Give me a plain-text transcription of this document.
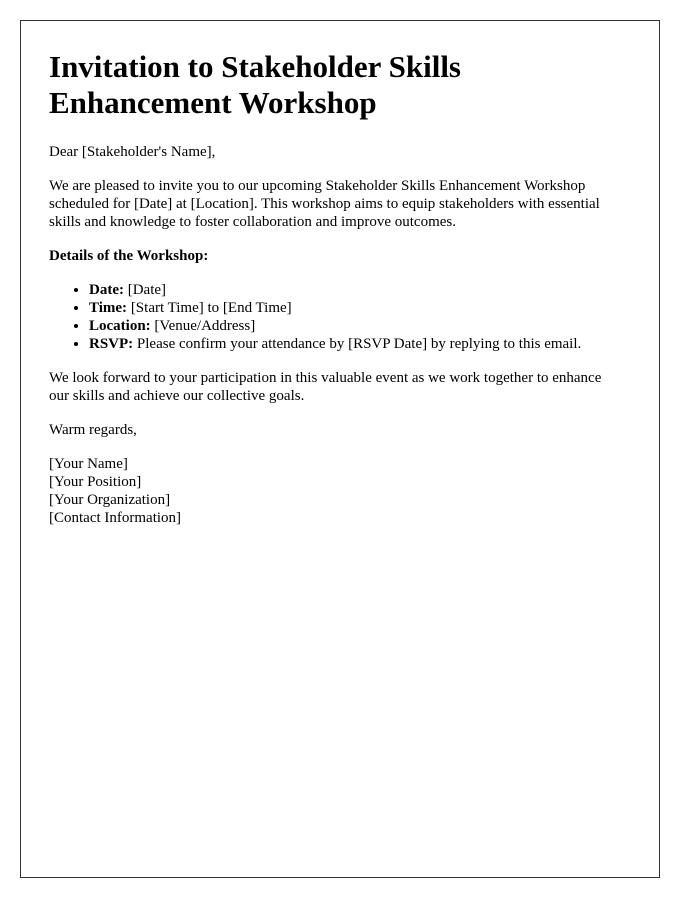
Invitation to Stakeholder Skills Enhancement Workshop

Dear [Stakeholder's Name],

We are pleased to invite you to our upcoming Stakeholder Skills Enhancement Workshop scheduled for [Date] at [Location]. This workshop aims to equip stakeholders with essential skills and knowledge to foster collaboration and improve outcomes.

Details of the Workshop:

• Date: [Date]
• Time: [Start Time] to [End Time]
• Location: [Venue/Address]
• RSVP: Please confirm your attendance by [RSVP Date] by replying to this email.

We look forward to your participation in this valuable event as we work together to enhance our skills and achieve our collective goals.

Warm regards,

[Your Name]
[Your Position]
[Your Organization]
[Contact Information]
